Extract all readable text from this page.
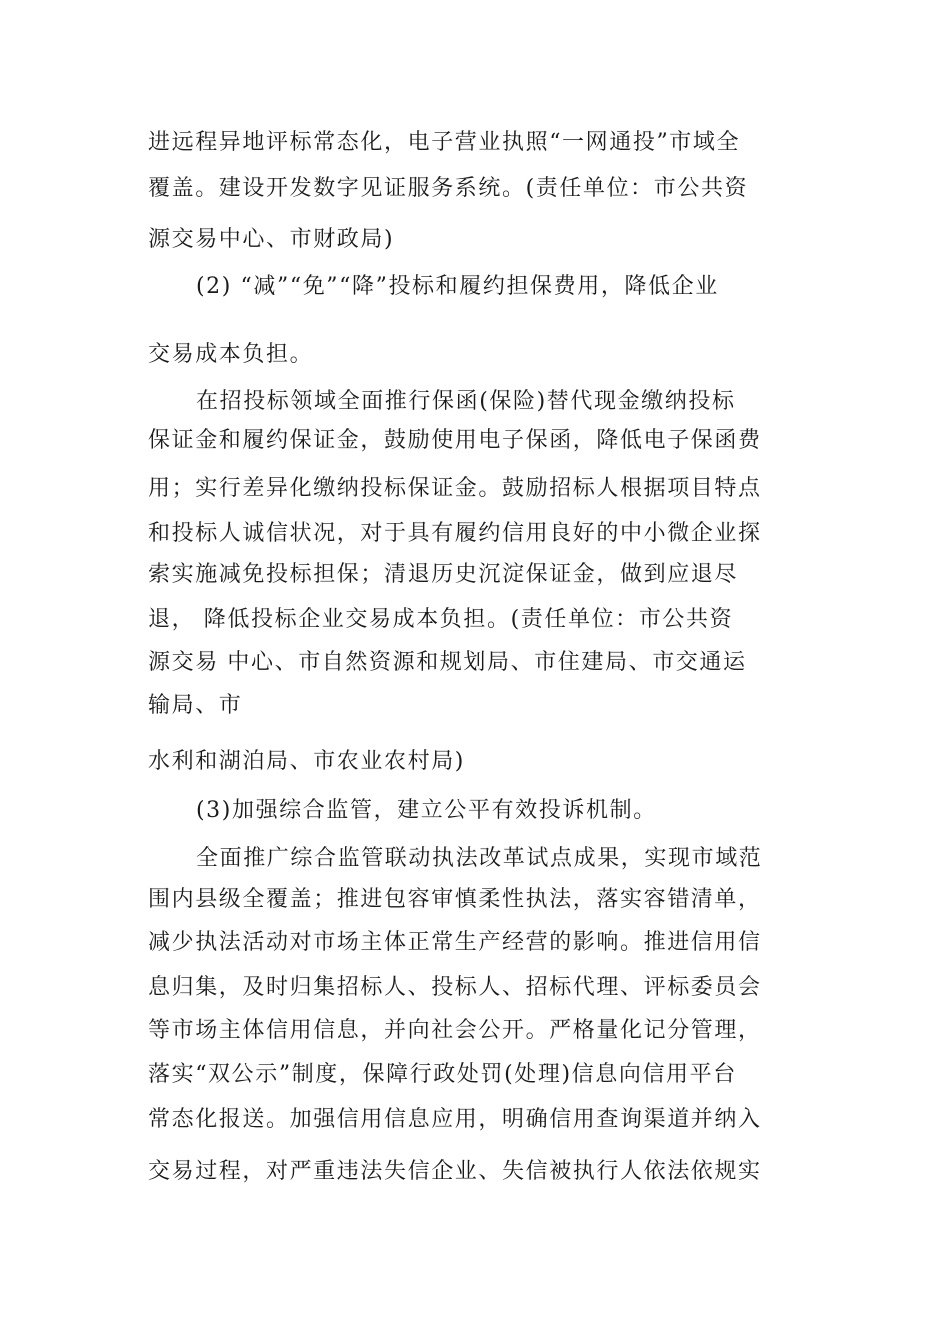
进远程异地评标常态化，电子营业执照“一网通投”市域全
覆盖。建设开发数字见证服务系统。(责任单位：市公共资
源交易中心、市财政局)
(2) “减”“免”“降”投标和履约担保费用，降低企业
交易成本负担。
在招投标领域全面推行保函(保险)替代现金缴纳投标
保证金和履约保证金，鼓励使用电子保函，降低电子保函费
用；实行差异化缴纳投标保证金。鼓励招标人根据项目特点
和投标人诚信状况，对于具有履约信用良好的中小微企业探
索实施减免投标担保；清退历史沉淀保证金，做到应退尽
退， 降低投标企业交易成本负担。(责任单位：市公共资
源交易 中心、市自然资源和规划局、市住建局、市交通运
输局、市
水利和湖泊局、市农业农村局)
(3)加强综合监管，建立公平有效投诉机制。
全面推广综合监管联动执法改革试点成果，实现市域范
围内县级全覆盖；推进包容审慎柔性执法，落实容错清单，
减少执法活动对市场主体正常生产经营的影响。推进信用信
息归集，及时归集招标人、投标人、招标代理、评标委员会
等市场主体信用信息，并向社会公开。严格量化记分管理，
落实“双公示”制度，保障行政处罚(处理)信息向信用平台
常态化报送。加强信用信息应用，明确信用查询渠道并纳入
交易过程，对严重违法失信企业、失信被执行人依法依规实
